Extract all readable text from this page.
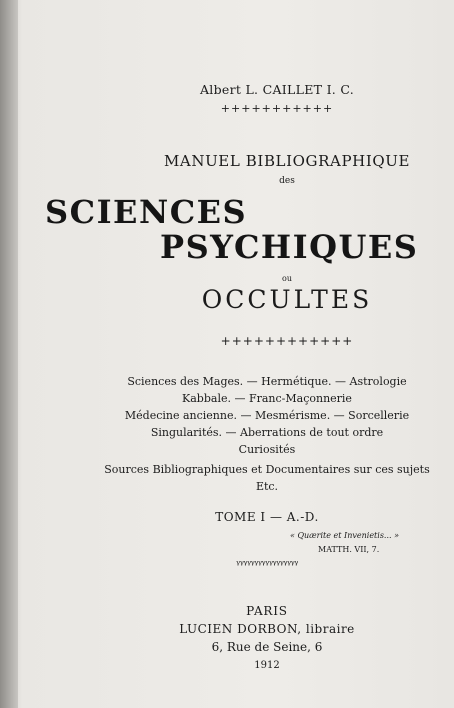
Albert L. CAILLET I. C.
+++++++++++
MANUEL BIBLIOGRAPHIQUE
des
SCIENCES
PSYCHIQUES
ou
OCCULTES
++++++++++++
Sciences des Mages. — Hermétique. — Astrologie
Kabbale. — Franc-Maçonnerie
Médecine ancienne. — Mesmérisme. — Sorcellerie
Singularités. — Aberrations de tout ordre
Curiosités
Sources Bibliographiques et Documentaires sur ces sujets
Etc.
TOME I — A.-D.
« Quærite et Invenietis... »
MATTH. VII, 7.
ᵞᵞᵞᵞᵞᵞᵞᵞᵞᵞᵞᵞᵞᵞᵞᵞᵞ
PARIS
LUCIEN DORBON, libraire
6, Rue de Seine, 6
1912
